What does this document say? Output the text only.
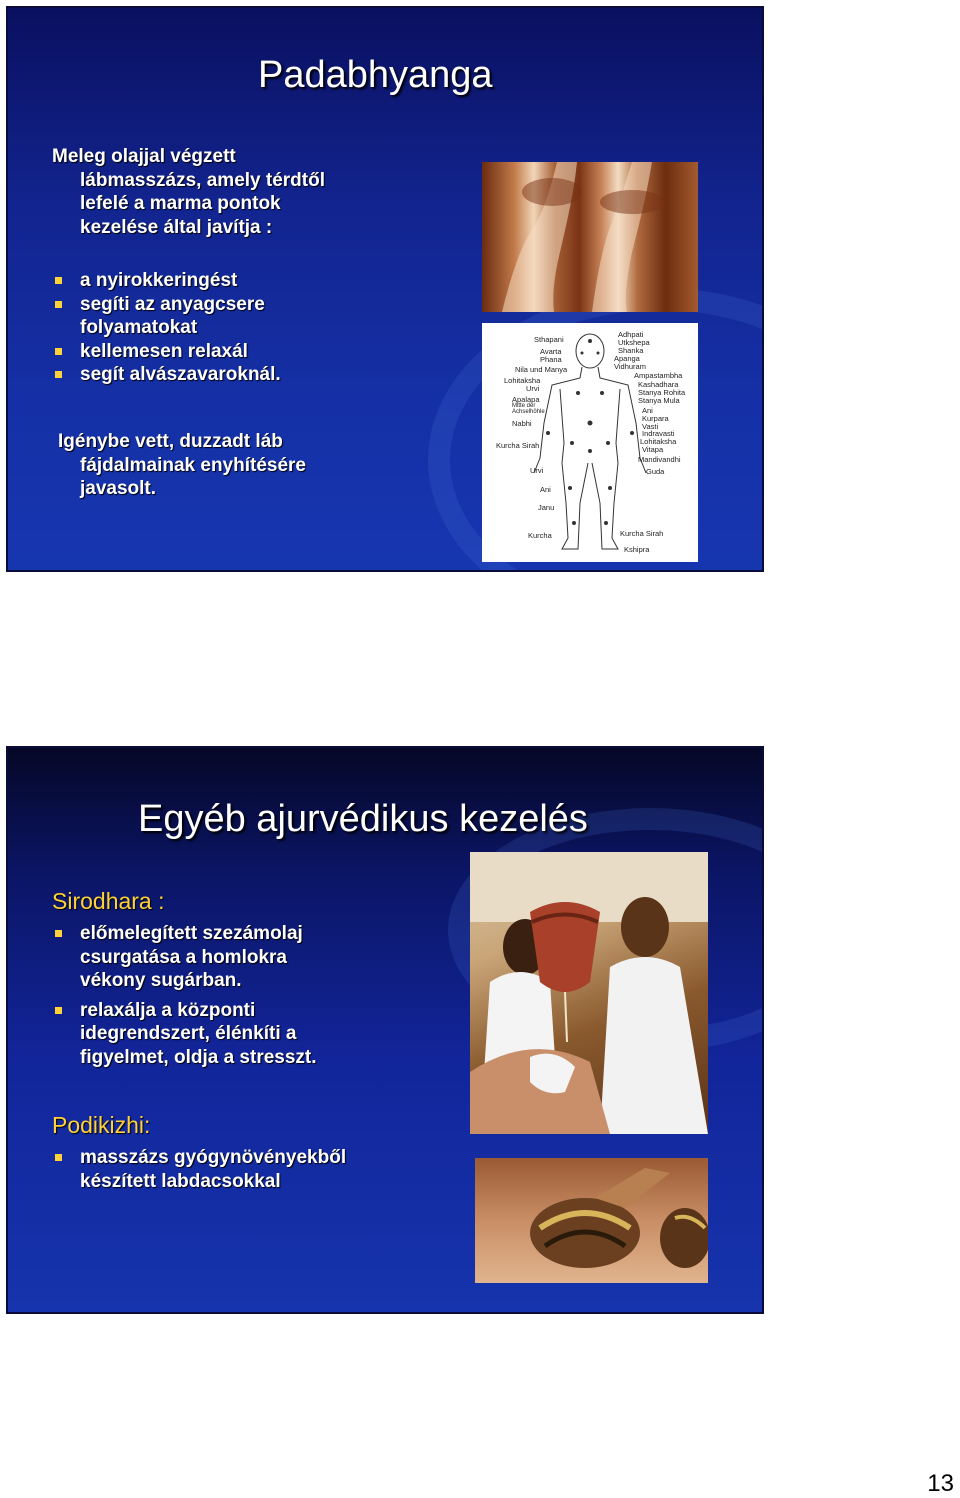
Padabhyanga
Meleg olajjal végzett
lábmasszázs, amely térdtől
lefelé a marma pontok
kezelése által javítja :
a nyirokkeringést
segíti az anyagcsere folyamatokat
kellemesen relaxál
segít alvászavaroknál.
Igénybe vett, duzzadt láb
fájdalmainak enyhítésére
javasolt.
Sthapani
Avarta
Phana
Nila und Manya
Lohitaksha
Urvi
Apalapa
Mitte der
Achselhöhle
Nabhi
Kurcha Sirah
Urvi
Ani
Janu
Kurcha
Adhpati
Utkshepa
Shanka
Apanga
Vidhuram
Ampastambha
Kashadhara
Stanya Rohita
Stanya Mula
Ani
Kurpara
Vasti
Indravasti
Lohitaksha
Vitapa
Mandivandhi
Guda
Kurcha Sirah
Kshipra
Egyéb ajurvédikus kezelés
Sirodhara :
előmelegített szezámolaj csurgatása a homlokra vékony sugárban.
relaxálja a központi idegrendszert, élénkíti a figyelmet, oldja a stresszt.
Podikizhi:
masszázs gyógynövényekből készített labdacsokkal
13
